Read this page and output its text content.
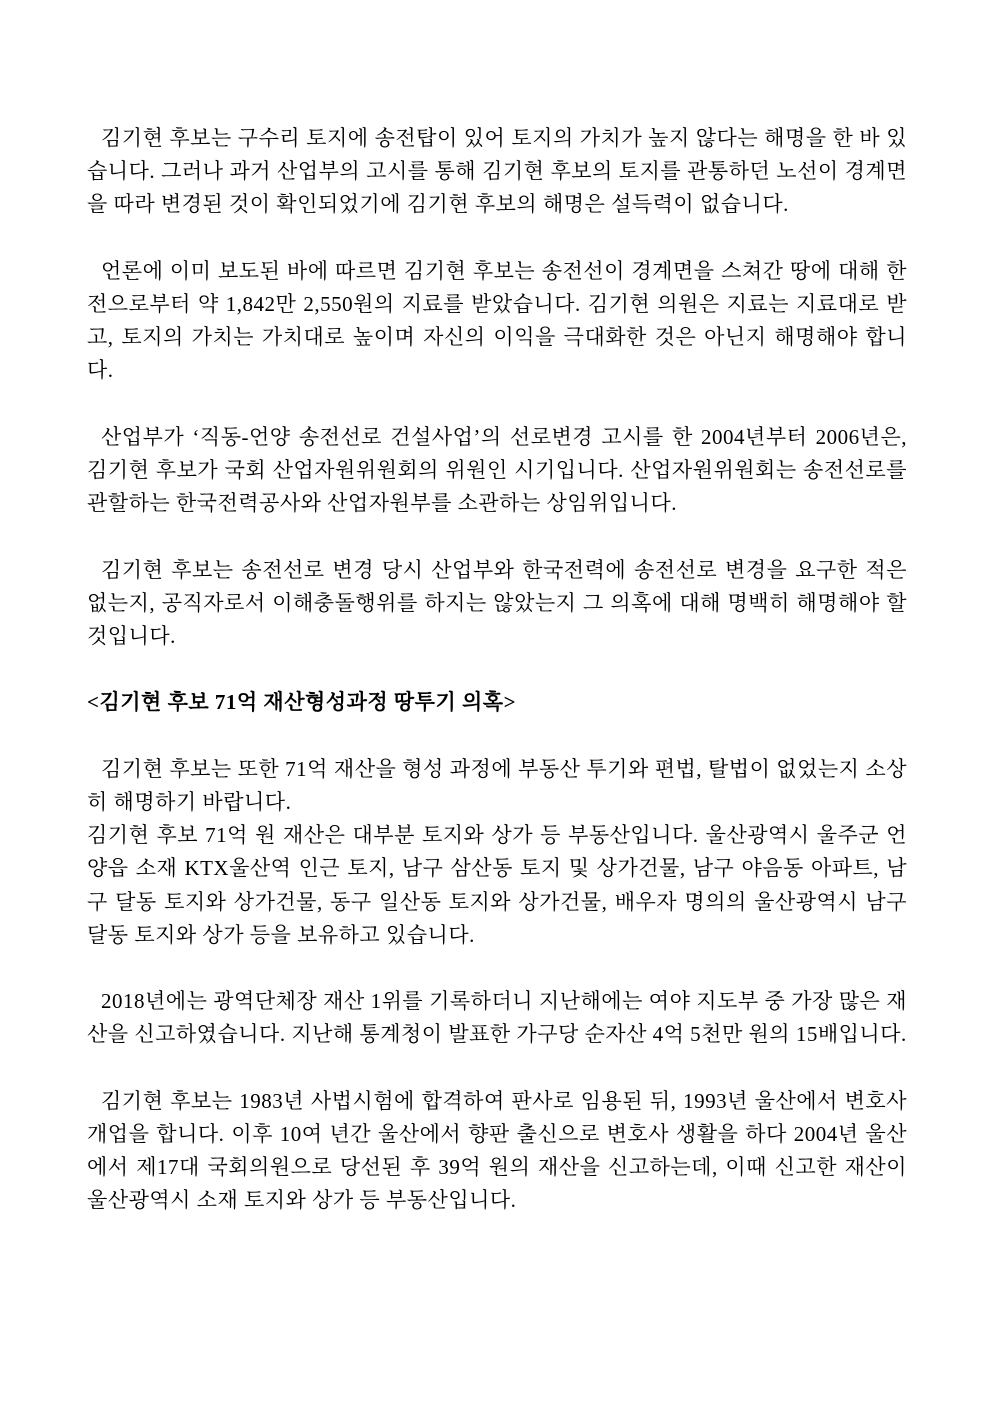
김기현 후보는 구수리 토지에 송전탑이 있어 토지의 가치가 높지 않다는 해명을 한 바 있습니다. 그러나 과거 산업부의 고시를 통해 김기현 후보의 토지를 관통하던 노선이 경계면을 따라 변경된 것이 확인되었기에 김기현 후보의 해명은 설득력이 없습니다.

언론에 이미 보도된 바에 따르면 김기현 후보는 송전선이 경계면을 스쳐간 땅에 대해 한전으로부터 약 1,842만 2,550원의 지료를 받았습니다. 김기현 의원은 지료는 지료대로 받고, 토지의 가치는 가치대로 높이며 자신의 이익을 극대화한 것은 아닌지 해명해야 합니다.

산업부가 ‘직동-언양 송전선로 건설사업’의 선로변경 고시를 한 2004년부터 2006년은, 김기현 후보가 국회 산업자원위원회의 위원인 시기입니다. 산업자원위원회는 송전선로를 관할하는 한국전력공사와 산업자원부를 소관하는 상임위입니다.

김기현 후보는 송전선로 변경 당시 산업부와 한국전력에 송전선로 변경을 요구한 적은 없는지, 공직자로서 이해충돌행위를 하지는 않았는지 그 의혹에 대해 명백히 해명해야 할 것입니다.

<김기현 후보 71억 재산형성과정 땅투기 의혹>

김기현 후보는 또한 71억 재산을 형성 과정에 부동산 투기와 편법, 탈법이 없었는지 소상히 해명하기 바랍니다.

김기현 후보 71억 원 재산은 대부분 토지와 상가 등 부동산입니다. 울산광역시 울주군 언양읍 소재 KTX울산역 인근 토지, 남구 삼산동 토지 및 상가건물, 남구 야음동 아파트, 남구 달동 토지와 상가건물, 동구 일산동 토지와 상가건물, 배우자 명의의 울산광역시 남구 달동 토지와 상가 등을 보유하고 있습니다.

2018년에는 광역단체장 재산 1위를 기록하더니 지난해에는 여야 지도부 중 가장 많은 재산을 신고하였습니다. 지난해 통계청이 발표한 가구당 순자산 4억 5천만 원의 15배입니다.

김기현 후보는 1983년 사법시험에 합격하여 판사로 임용된 뒤, 1993년 울산에서 변호사 개업을 합니다. 이후 10여 년간 울산에서 향판 출신으로 변호사 생활을 하다 2004년 울산에서 제17대 국회의원으로 당선된 후 39억 원의 재산을 신고하는데, 이때 신고한 재산이 울산광역시 소재 토지와 상가 등 부동산입니다.
